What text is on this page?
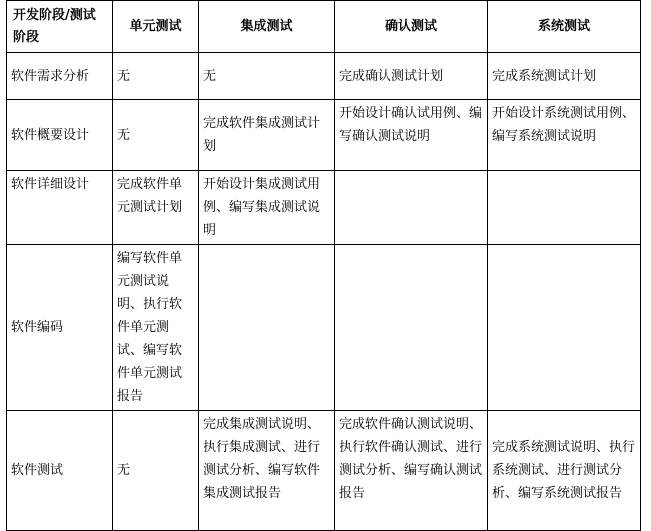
开发阶段/测试阶段	单元测试	集成测试	确认测试	系统测试
软件需求分析	无	无	完成确认测试计划	完成系统测试计划
软件概要设计	无	完成软件集成测试计划	开始设计确认试用例、编写确认测试说明	开始设计系统测试用例、编写系统测试说明
软件详细设计	完成软件单元测试计划	开始设计集成测试用例、编写集成测试说明		
软件编码	编写软件单元测试说明、执行软件单元测试、编写软件单元测试报告			
软件测试	无	完成集成测试说明、执行集成测试、进行测试分析、编写软件集成测试报告	完成软件确认测试说明、执行软件确认测试、进行测试分析、编写确认测试报告	完成系统测试说明、执行系统测试、进行测试分析、编写系统测试报告
